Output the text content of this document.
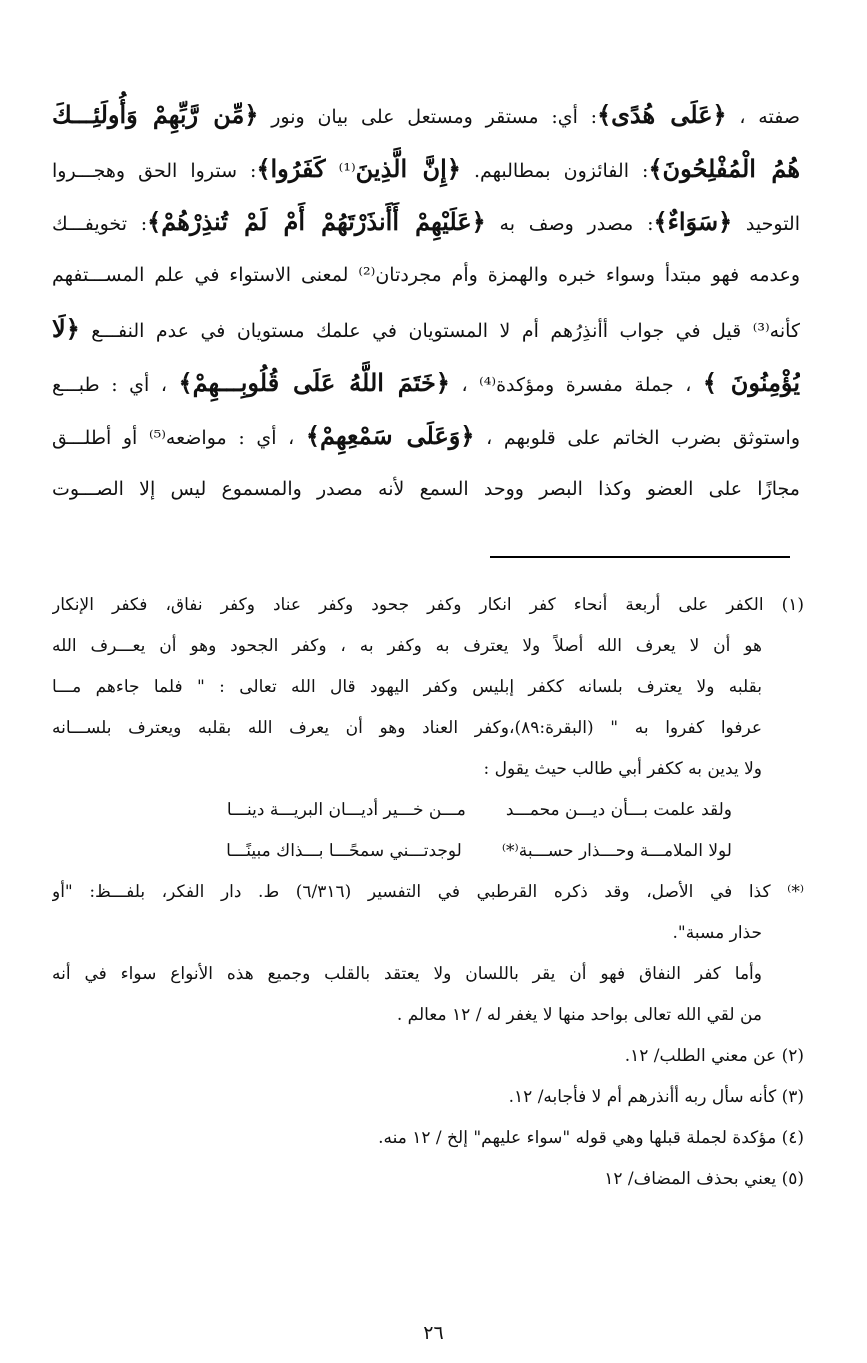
صفته ، ﴿عَلَى هُدًى﴾: أي: مستقر ومستعل على بيان ونور ﴿مِّن رَّبِّهِمْ وَأُولَئِـــكَ
هُمُ الْمُفْلِحُونَ﴾: الفائزون بمطالبهم. ﴿إِنَّ الَّذِينَ⁽¹⁾ كَفَرُوا﴾: ستروا الحق وهجـــروا
التوحيد ﴿سَوَاءٌ﴾: مصدر وصف به ﴿عَلَيْهِمْ أَأَنذَرْتَهُمْ أَمْ لَمْ تُنذِرْهُمْ﴾: تخويفـــك
وعدمه فهو مبتدأ وسواء خبره والهمزة وأم مجردتان⁽²⁾ لمعنى الاستواء في علم المســـتفهم
كأنه⁽³⁾ قيل في جواب أأنذِرُهم أم لا المستويان في علمك مستويان في عدم النفـــع ﴿لَا
يُؤْمِنُونَ ﴾ ، جملة مفسرة ومؤكدة⁽⁴⁾ ، ﴿خَتَمَ اللَّهُ عَلَى قُلُوبِـــهِمْ﴾ ، أي : طبـــع
واستوثق بضرب الخاتم على قلوبهم ، ﴿وَعَلَى سَمْعِهِمْ﴾ ، أي : مواضعه⁽⁵⁾ أو أطلـــق
مجازًا على العضو وكذا البصر ووحد السمع لأنه مصدر والمسموع ليس إلا الصـــوت
(١) الكفر على أربعة أنحاء كفر انكار وكفر جحود وكفر عناد وكفر نفاق، فكفر الإنكار
هو أن لا يعرف الله أصلاً ولا يعترف به وكفر به ، وكفر الجحود وهو أن يعـــرف الله
بقلبه ولا يعترف بلسانه ككفر إبليس وكفر اليهود قال الله تعالى : " فلما جاءهم مـــا
عرفوا كفروا به " (البقرة:٨٩)،وكفر العناد وهو أن يعرف الله بقلبه ويعترف بلســـانه
ولا يدين به ككفر أبي طالب حيث يقول :
ولقد علمت بـــأن ديـــن محمـــد
مـــن خـــير أديـــان البريـــة دينـــا
لولا الملامـــة وحـــذار حســـبة⁽*⁾
لوجدتـــني سمحًـــا بـــذاك مبينًـــا
⁽*⁾ كذا في الأصل، وقد ذكره القرطبي في التفسير (٦/٣١٦) ط. دار الفكر، بلفـــظ: "أو
حذار مسبة".
وأما كفر النفاق فهو أن يقر باللسان ولا يعتقد بالقلب وجميع هذه الأنواع سواء في أنه
من لقي الله تعالى بواحد منها لا يغفر له / ١٢ معالم .
(٢) عن معني الطلب/ ١٢.
(٣) كأنه سأل ربه أأنذرهم أم لا فأجابه/ ١٢.
(٤) مؤكدة لجملة قبلها وهي قوله "سواء عليهم" إلخ / ١٢ منه.
(٥) يعني بحذف المضاف/ ١٢
٢٦
